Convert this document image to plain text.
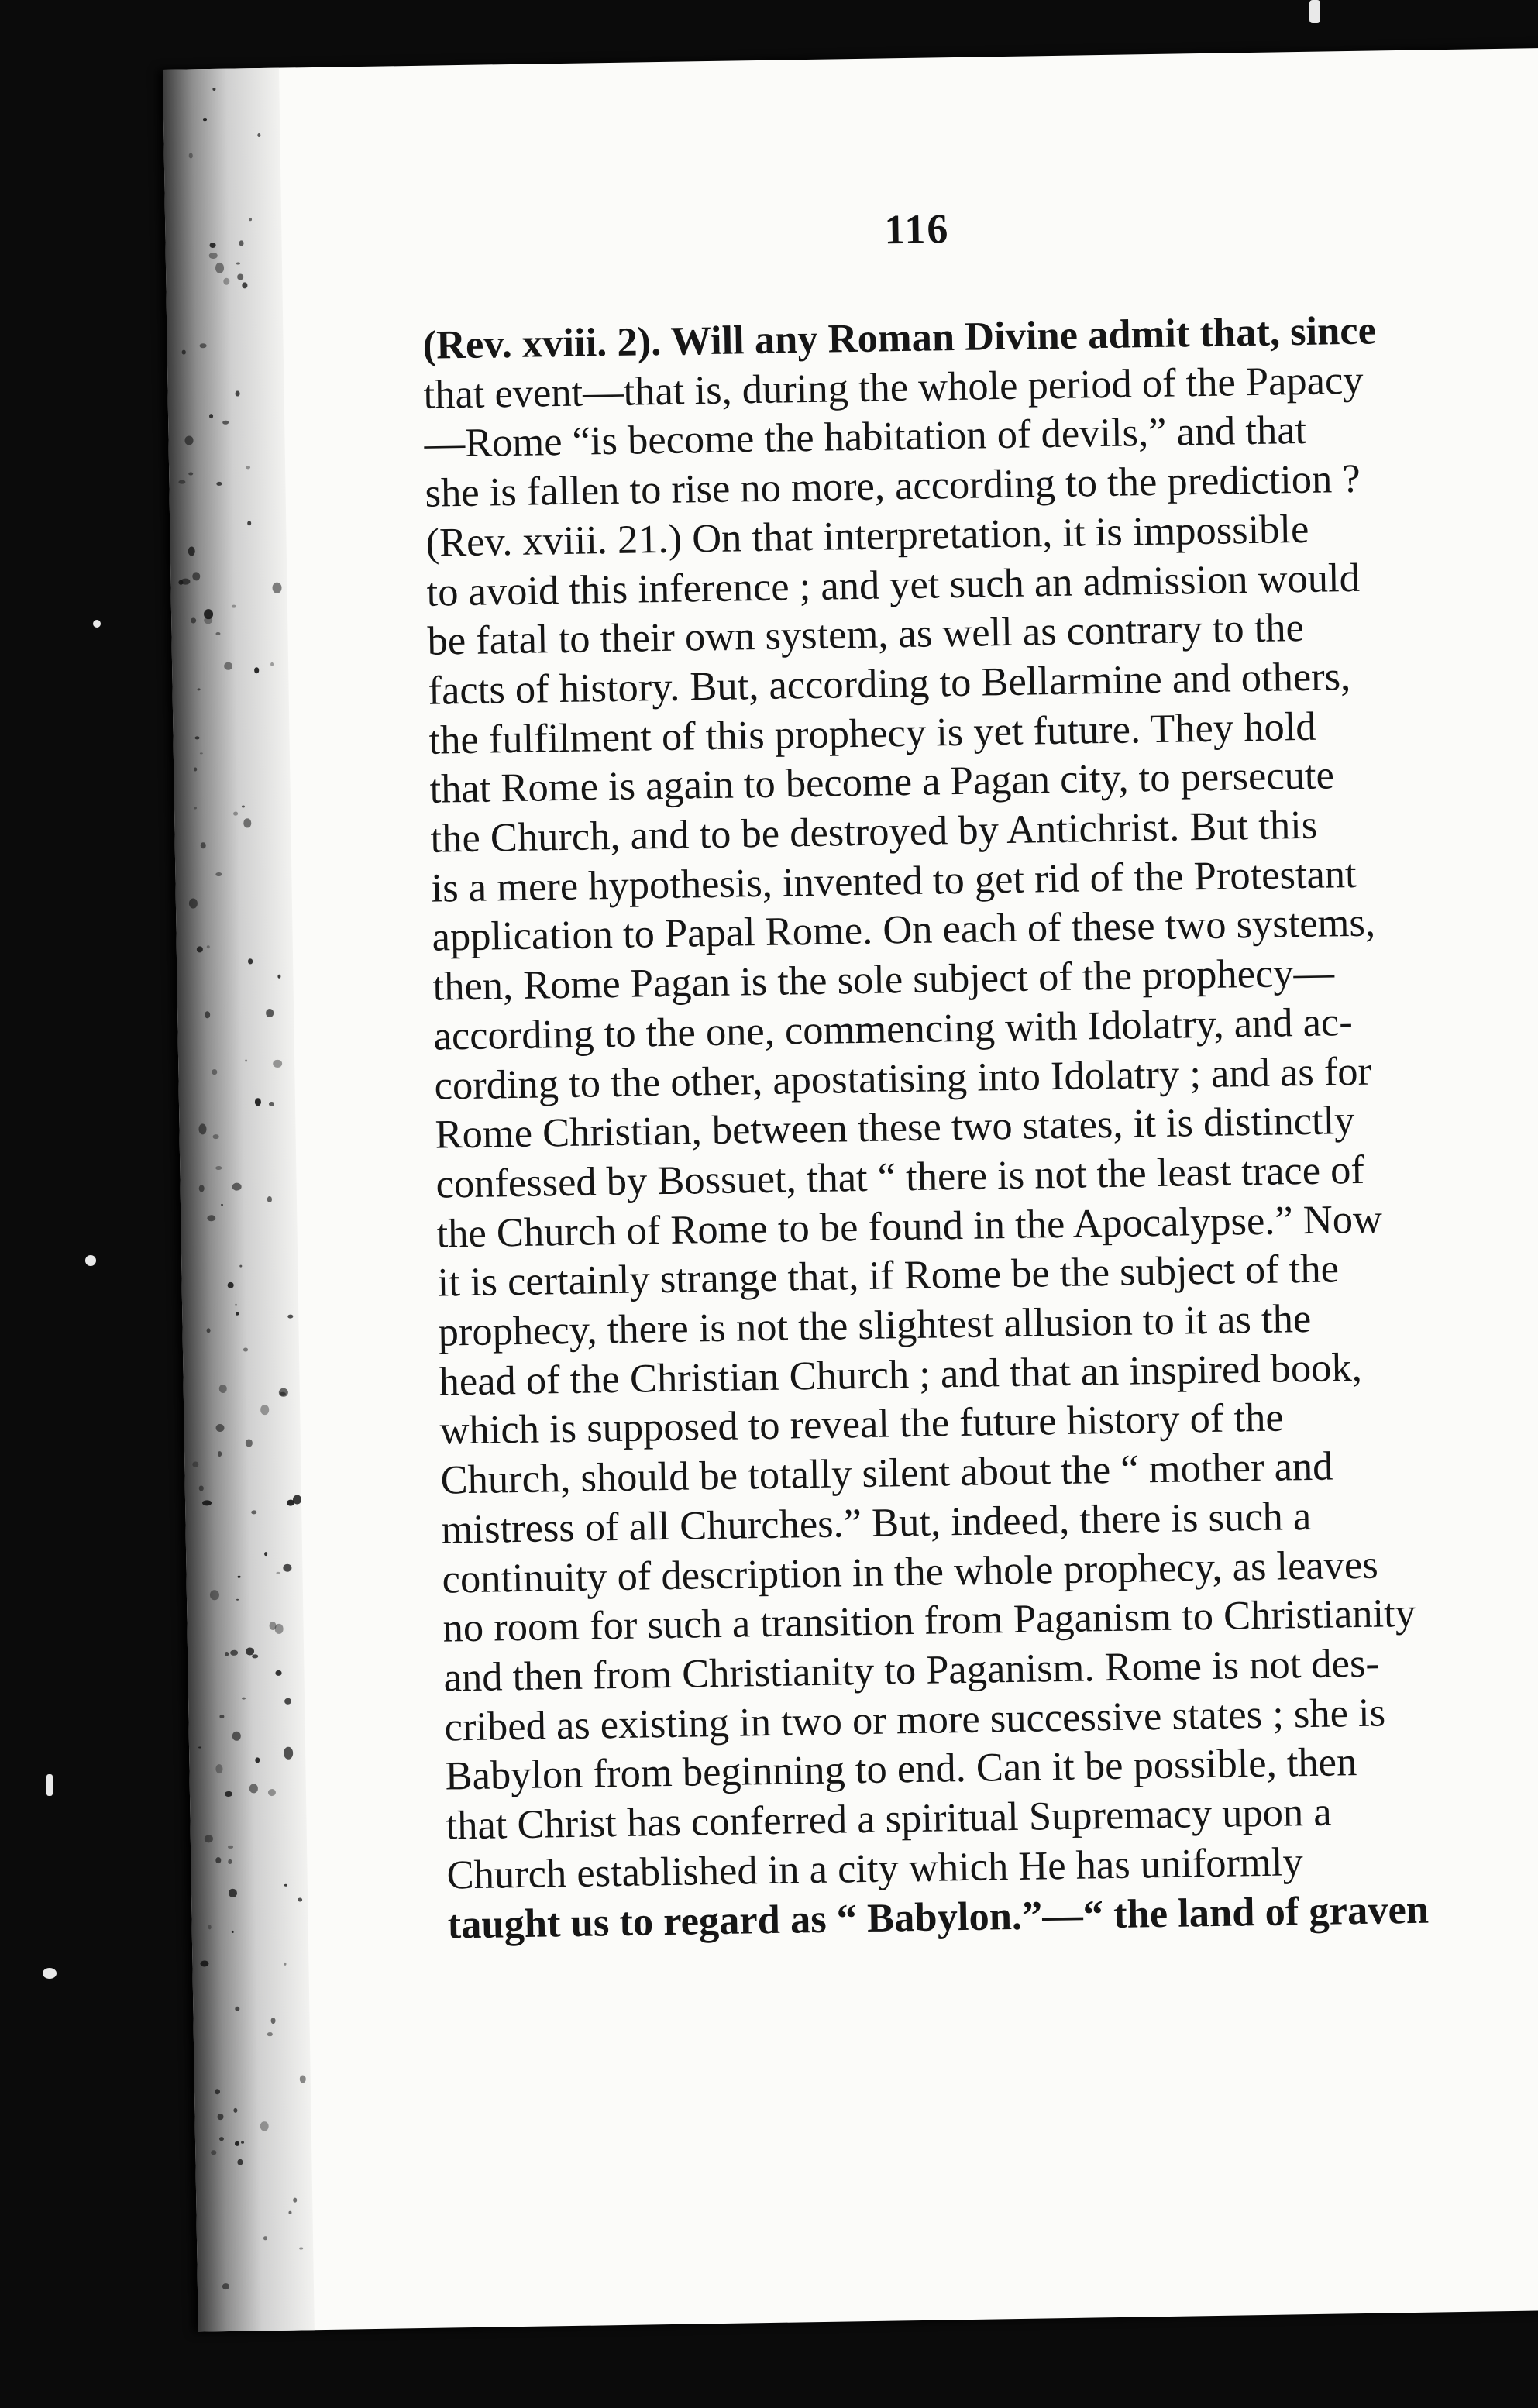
116
(Rev. xviii. 2). Will any Roman Divine admit that, since
that event—that is, during the whole period of the Papacy
—Rome “is become the habitation of devils,” and that
she is fallen to rise no more, according to the prediction ?
(Rev. xviii. 21.) On that interpretation, it is impossible
to avoid this inference ; and yet such an admission would
be fatal to their own system, as well as contrary to the
facts of history. But, according to Bellarmine and others,
the fulfilment of this prophecy is yet future. They hold
that Rome is again to become a Pagan city, to persecute
the Church, and to be destroyed by Antichrist. But this
is a mere hypothesis, invented to get rid of the Protestant
application to Papal Rome. On each of these two systems,
then, Rome Pagan is the sole subject of the prophecy—
according to the one, commencing with Idolatry, and ac-
cording to the other, apostatising into Idolatry ; and as for
Rome Christian, between these two states, it is distinctly
confessed by Bossuet, that “ there is not the least trace of
the Church of Rome to be found in the Apocalypse.” Now
it is certainly strange that, if Rome be the subject of the
prophecy, there is not the slightest allusion to it as the
head of the Christian Church ; and that an inspired book,
which is supposed to reveal the future history of the
Church, should be totally silent about the “ mother and
mistress of all Churches.” But, indeed, there is such a
continuity of description in the whole prophecy, as leaves
no room for such a transition from Paganism to Christianity
and then from Christianity to Paganism. Rome is not des-
cribed as existing in two or more successive states ; she is
Babylon from beginning to end. Can it be possible, then
that Christ has conferred a spiritual Supremacy upon a
Church established in a city which He has uniformly
taught us to regard as “ Babylon.”—“ the land of graven
